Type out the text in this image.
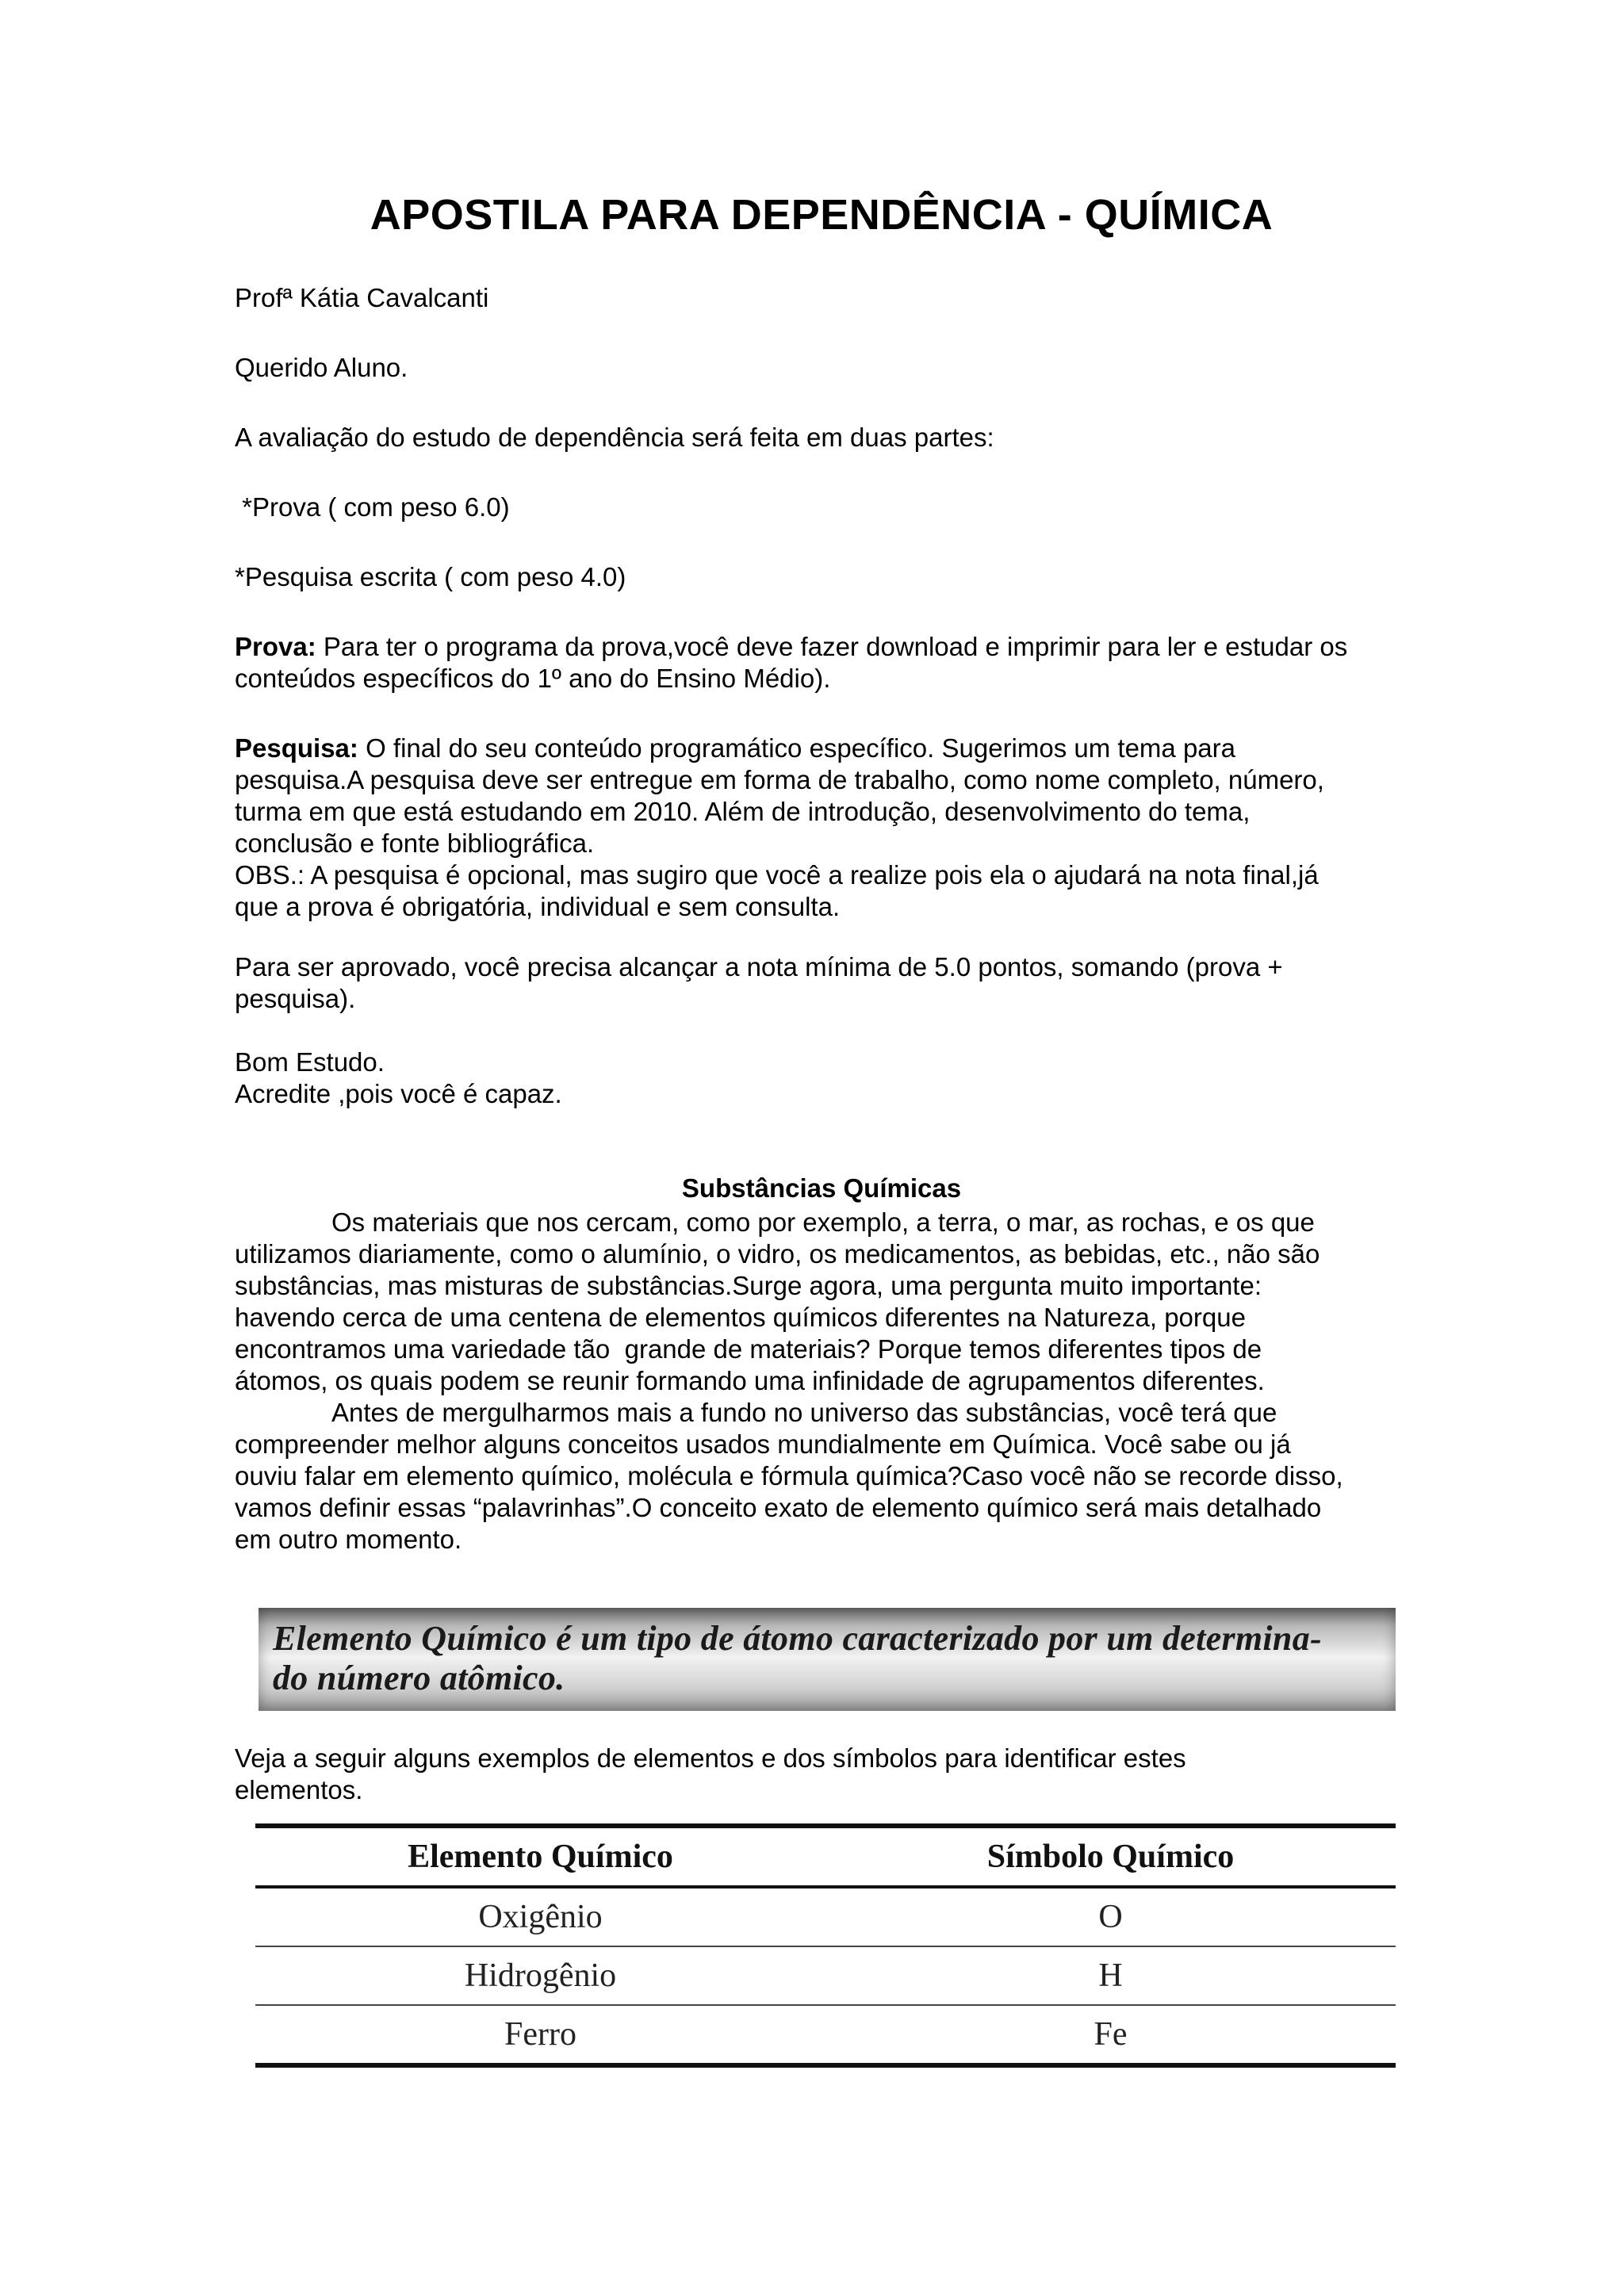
APOSTILA PARA DEPENDÊNCIA - QUÍMICA
Profª Kátia Cavalcanti
Querido Aluno.
A avaliação do estudo de dependência será feita em duas partes:
*Prova ( com peso 6.0)
*Pesquisa escrita ( com peso 4.0)
Prova: Para ter o programa da prova,você deve fazer download e imprimir para ler e estudar os
conteúdos específicos do 1º ano do Ensino Médio).
Pesquisa: O final do seu conteúdo programático específico. Sugerimos um tema para
pesquisa.A pesquisa deve ser entregue em forma de trabalho, como nome completo, número,
turma em que está estudando em 2010. Além de introdução, desenvolvimento do tema,
conclusão e fonte bibliográfica.
OBS.: A pesquisa é opcional, mas sugiro que você a realize pois ela o ajudará na nota final,já
que a prova é obrigatória, individual e sem consulta.
Para ser aprovado, você precisa alcançar a nota mínima de 5.0 pontos, somando (prova +
pesquisa).
Bom Estudo.
Acredite ,pois você é capaz.
Substâncias Químicas
Os materiais que nos cercam, como por exemplo, a terra, o mar, as rochas, e os que
utilizamos diariamente, como o alumínio, o vidro, os medicamentos, as bebidas, etc., não são
substâncias, mas misturas de substâncias.Surge agora, uma pergunta muito importante:
havendo cerca de uma centena de elementos químicos diferentes na Natureza, porque
encontramos uma variedade tão  grande de materiais? Porque temos diferentes tipos de
átomos, os quais podem se reunir formando uma infinidade de agrupamentos diferentes.
Antes de mergulharmos mais a fundo no universo das substâncias, você terá que
compreender melhor alguns conceitos usados mundialmente em Química. Você sabe ou já
ouviu falar em elemento químico, molécula e fórmula química?Caso você não se recorde disso,
vamos definir essas “palavrinhas”.O conceito exato de elemento químico será mais detalhado
em outro momento.
Elemento Químico é um tipo de átomo caracterizado por um determina-
do número atômico.
Veja a seguir alguns exemplos de elementos e dos símbolos para identificar estes
elementos.
Elemento Químico	Símbolo Químico
Oxigênio	O
Hidrogênio	H
Ferro	Fe
